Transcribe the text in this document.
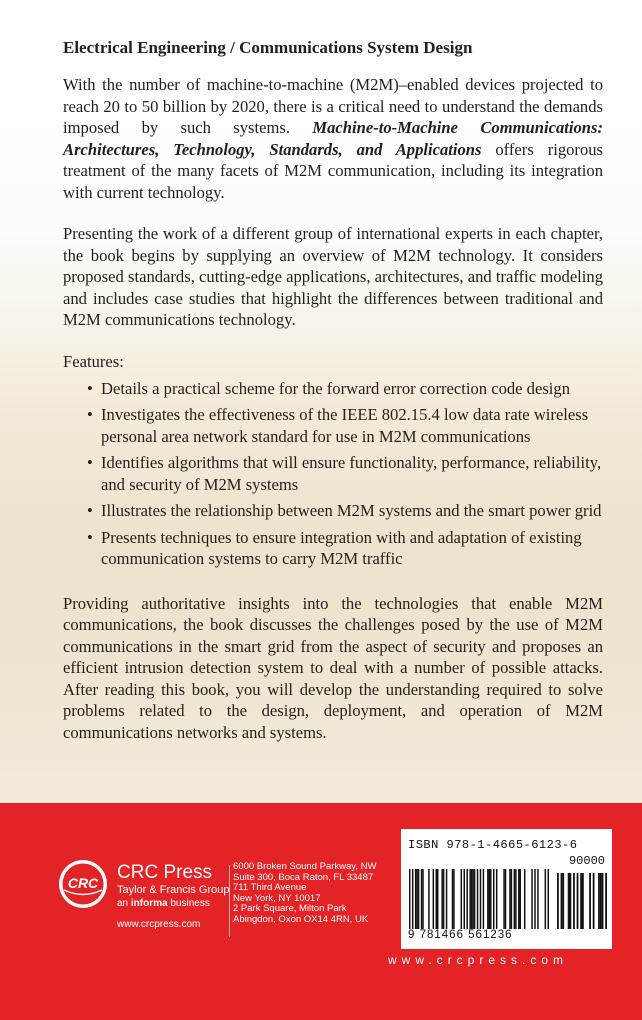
Electrical Engineering / Communications System Design

With the number of machine-to-machine (M2M)–enabled devices projected to reach 20 to 50 billion by 2020, there is a critical need to understand the demands imposed by such systems. Machine-to-Machine Communications: Architectures, Technology, Standards, and Applications offers rigorous treatment of the many facets of M2M communication, including its integration with current technology.

Presenting the work of a different group of international experts in each chapter, the book begins by supplying an overview of M2M technology. It considers proposed standards, cutting-edge applications, architectures, and traffic modeling and includes case studies that highlight the differences between traditional and M2M communications technology.

Features:
• Details a practical scheme for the forward error correction code design
• Investigates the effectiveness of the IEEE 802.15.4 low data rate wireless personal area network standard for use in M2M communications
• Identifies algorithms that will ensure functionality, performance, reliability, and security of M2M systems
• Illustrates the relationship between M2M systems and the smart power grid
• Presents techniques to ensure integration with and adaptation of existing communication systems to carry M2M traffic

Providing authoritative insights into the technologies that enable M2M communications, the book discusses the challenges posed by the use of M2M communications in the smart grid from the aspect of security and proposes an efficient intrusion detection system to deal with a number of possible attacks. After reading this book, you will develop the understanding required to solve problems related to the design, deployment, and operation of M2M communications networks and systems.

CRC CRC Press
Taylor & Francis Group
an informa business
www.crcpress.com
6000 Broken Sound Parkway, NW
Suite 300, Boca Raton, FL 33487
711 Third Avenue
New York, NY 10017
2 Park Square, Milton Park
Abingdon, Oxon OX14 4RN, UK
ISBN 978-1-4665-6123-6
90000
9 781466 561236
www.crcpress.com
